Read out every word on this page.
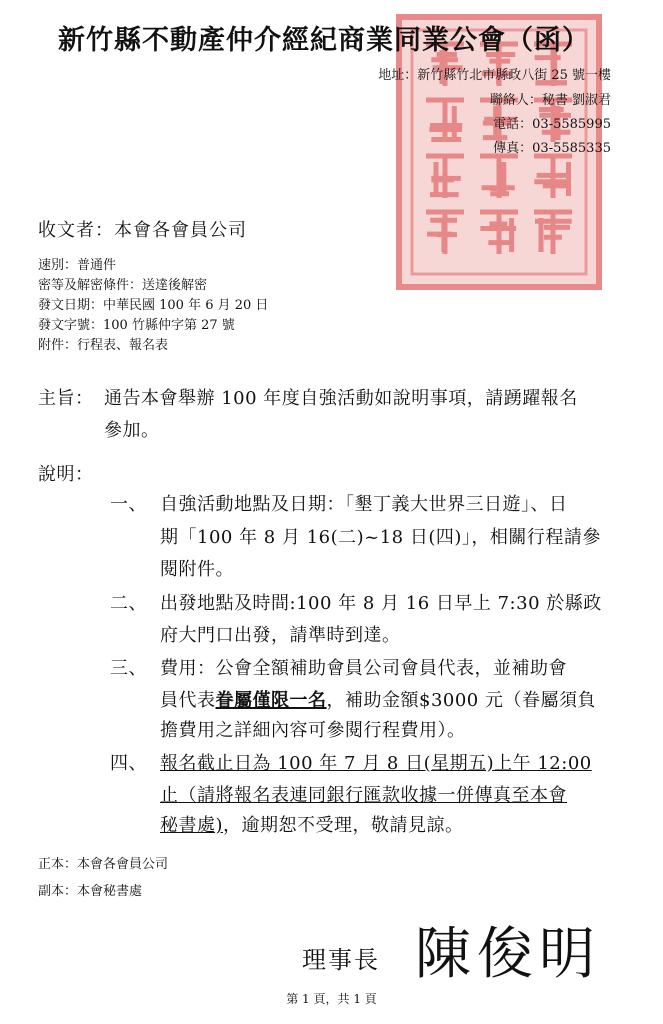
新竹縣不動產仲介經紀商業同業公會（函）
地址：新竹縣竹北市縣政八街 25 號一樓
聯絡人：秘書 劉淑君
電話：03-5585995
傳真：03-5585335
收文者：本會各會員公司
速別：普通件
密等及解密條件：送達後解密
發文日期：中華民國 100 年 6 月 20 日
發文字號：100 竹縣仲字第 27 號
附件：行程表、報名表
主旨： 通告本會舉辦 100 年度自強活動如說明事項，請踴躍報名
參加。
說明：
一、 自強活動地點及日期：「墾丁義大世界三日遊」、日
期「100 年 8 月 16(二)~18 日(四)」，相關行程請參
閱附件。
二、 出發地點及時間:100 年 8 月 16 日早上 7:30 於縣政
府大門口出發，請準時到達。
三、 費用：公會全額補助會員公司會員代表，並補助會
員代表眷屬僅限一名，補助金額$3000 元（眷屬須負
擔費用之詳細內容可參閱行程費用）。
四、 報名截止日為 100 年 7 月 8 日(星期五)上午 12:00
止（請將報名表連同銀行匯款收據一併傳真至本會
秘書處)，逾期恕不受理，敬請見諒。
正本：本會各會員公司
副本：本會秘書處
理事長 陳俊明
第 1 頁，共 1 頁
